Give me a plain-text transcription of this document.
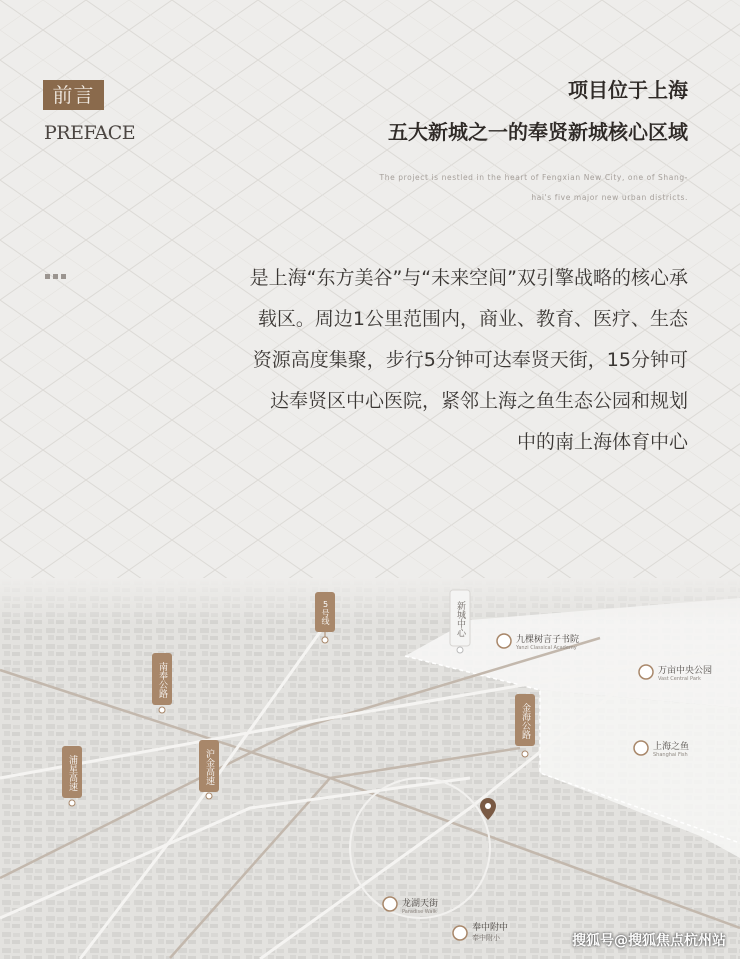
前言
PREFACE
项目位于上海
五大新城之一的奉贤新城核心区域
The project is nestled in the heart of Fengxian New City, one of Shang-
hai's five major new urban districts.
是上海“东方美谷”与“未来空间”双引擎战略的核心承
载区。周边1公里范围内，商业、教育、医疗、生态
资源高度集聚，步行5分钟可达奉贤天街，15分钟可
达奉贤区中心医院，紧邻上海之鱼生态公园和规划
中的南上海体育中心
5号线
南奉公路
沪金高速
浦星高速
金海公路
新城中心
九棵树言子书院
Yanzi Classical Academy
万亩中央公园
Vast Central Park
上海之鱼
Shanghai Fish
龙湖天街
Paradise Walk
奉中附中
奉中附小	搜狐号@搜狐焦点杭州站
